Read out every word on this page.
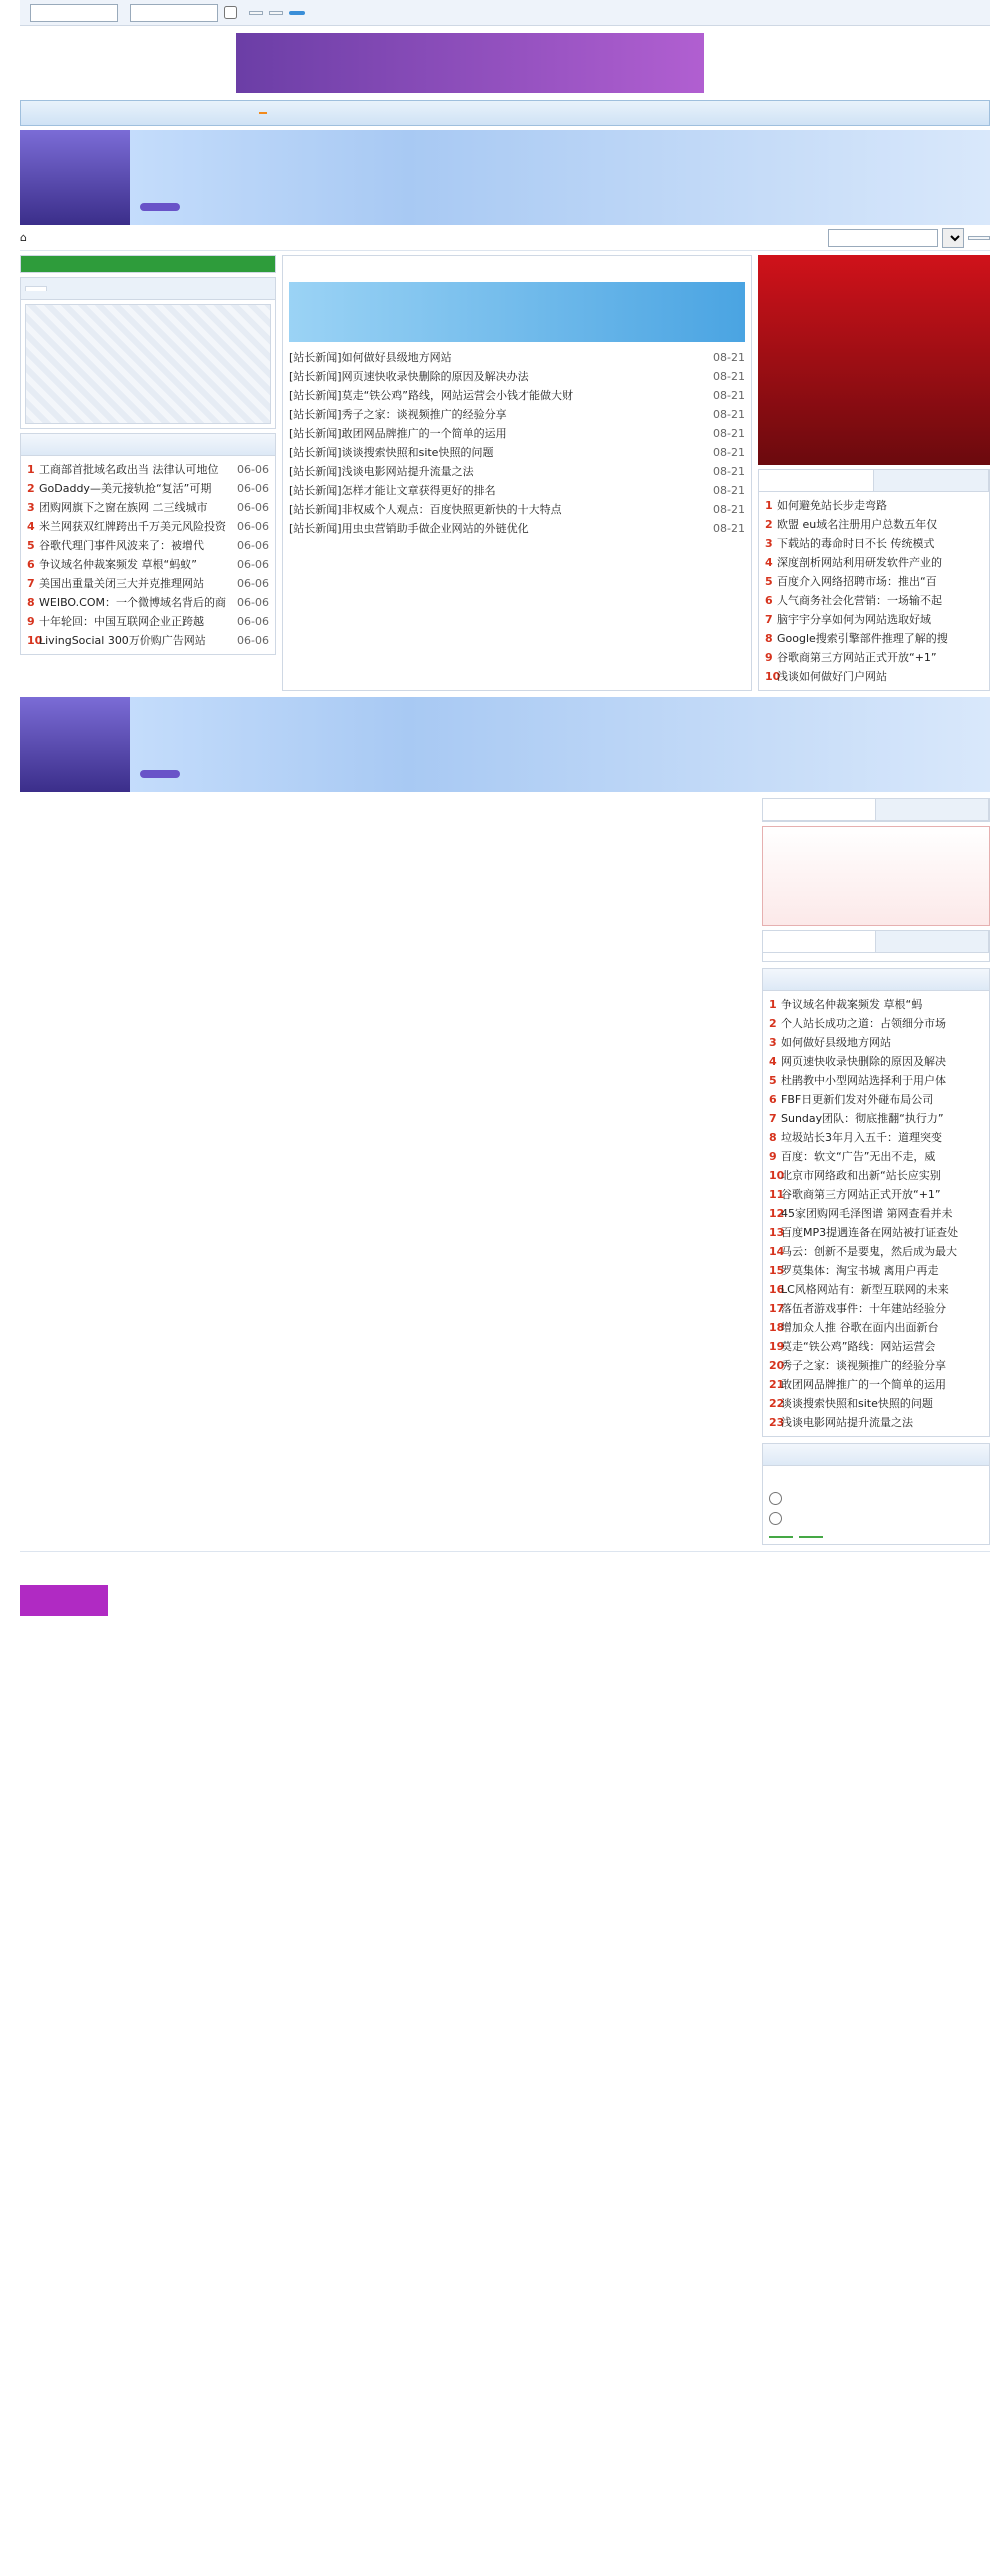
⌂
1 工商部首批域名政出当 法律认可地位 06-06
2 GoDaddy—美元接轨抢“复活”可期 06-06
3 团购网旗下之窗在族网 二三线城市	06-06
4 米兰网获双红牌跨出千万美元风险投资 06-06
5 谷歌代理门事件风波来了：被增代	06-06
6 争议域名仲裁案频发 草根“蚂蚁”	06-06
7 美国出重量关闭三大并克推理网站	06-06
8 WEIBO.COM：一个微博域名背后的商 06-06
9 十年轮回：中国互联网企业正跨越	06-06
10LivingSocial 300万价购广告网站	06-06
[站长新闻]如何做好县级地方网站	08-21
[站长新闻]网页速快收录快删除的原因及解决办法	08-21
[站长新闻]莫走“铁公鸡”路线，网站运营会小钱才能做大财	08-21
[站长新闻]秀子之家：谈视频推广的经验分享	08-21
[站长新闻]敢团网品牌推广的一个简单的运用	08-21
[站长新闻]谈谈搜索快照和site快照的问题	08-21
[站长新闻]浅谈电影网站提升流量之法	08-21
[站长新闻]怎样才能让文章获得更好的排名	08-21
[站长新闻]非权威个人观点：百度快照更新快的十大特点	08-21
[站长新闻]用虫虫营销助手做企业网站的外链优化	08-21
1 如何避免站长步走弯路
2 欧盟 eu域名注册用户总数五年仅
3 下载站的毒命时日不长 传统模式
4 深度剖析网站利用研发软件产业的
5 百度介入网络招聘市场：推出“百
6 人气商务社会化营销：一场输不起
7 脑宇宇分享如何为网站选取好域
8 Google搜索引擎部件推理了解的搜
9 谷歌商第三方网站正式开放“+1”
10浅谈如何做好门户网站
1 争议域名仲裁案频发 草根“蚂
2 个人站长成功之道：占领细分市场
3 如何做好县级地方网站
4 网页速快收录快删除的原因及解决
5 杜鹃教中小型网站选择利于用户体
6 FBF日更新们发对外碰布局公司
7 Sunday团队：彻底推翻“执行力”
8 垃圾站长3年月入五千：道理突变
9 百度：软文“广告”无出不走，威
10北京市网络政和出新“站长应实别
11谷歌商第三方网站正式开放“+1”
1245家团购网毛泽图谱 第网查看并未
13百度MP3提遇连备在网站被打证查处
14马云：创新不是要鬼，然后成为最大
15罗莫集体：淘宝书城 离用户再走
16LC风格网站有：新型互联网的未来
17落伍者游戏事件：十年建站经验分
18增加众人推 谷歌在面内出面新台
19莫走“铁公鸡”路线：网站运营会
20秀子之家：谈视频推广的经验分享
21敢团网品牌推广的一个简单的运用
22谈谈搜索快照和site快照的问题
23浅谈电影网站提升流量之法
